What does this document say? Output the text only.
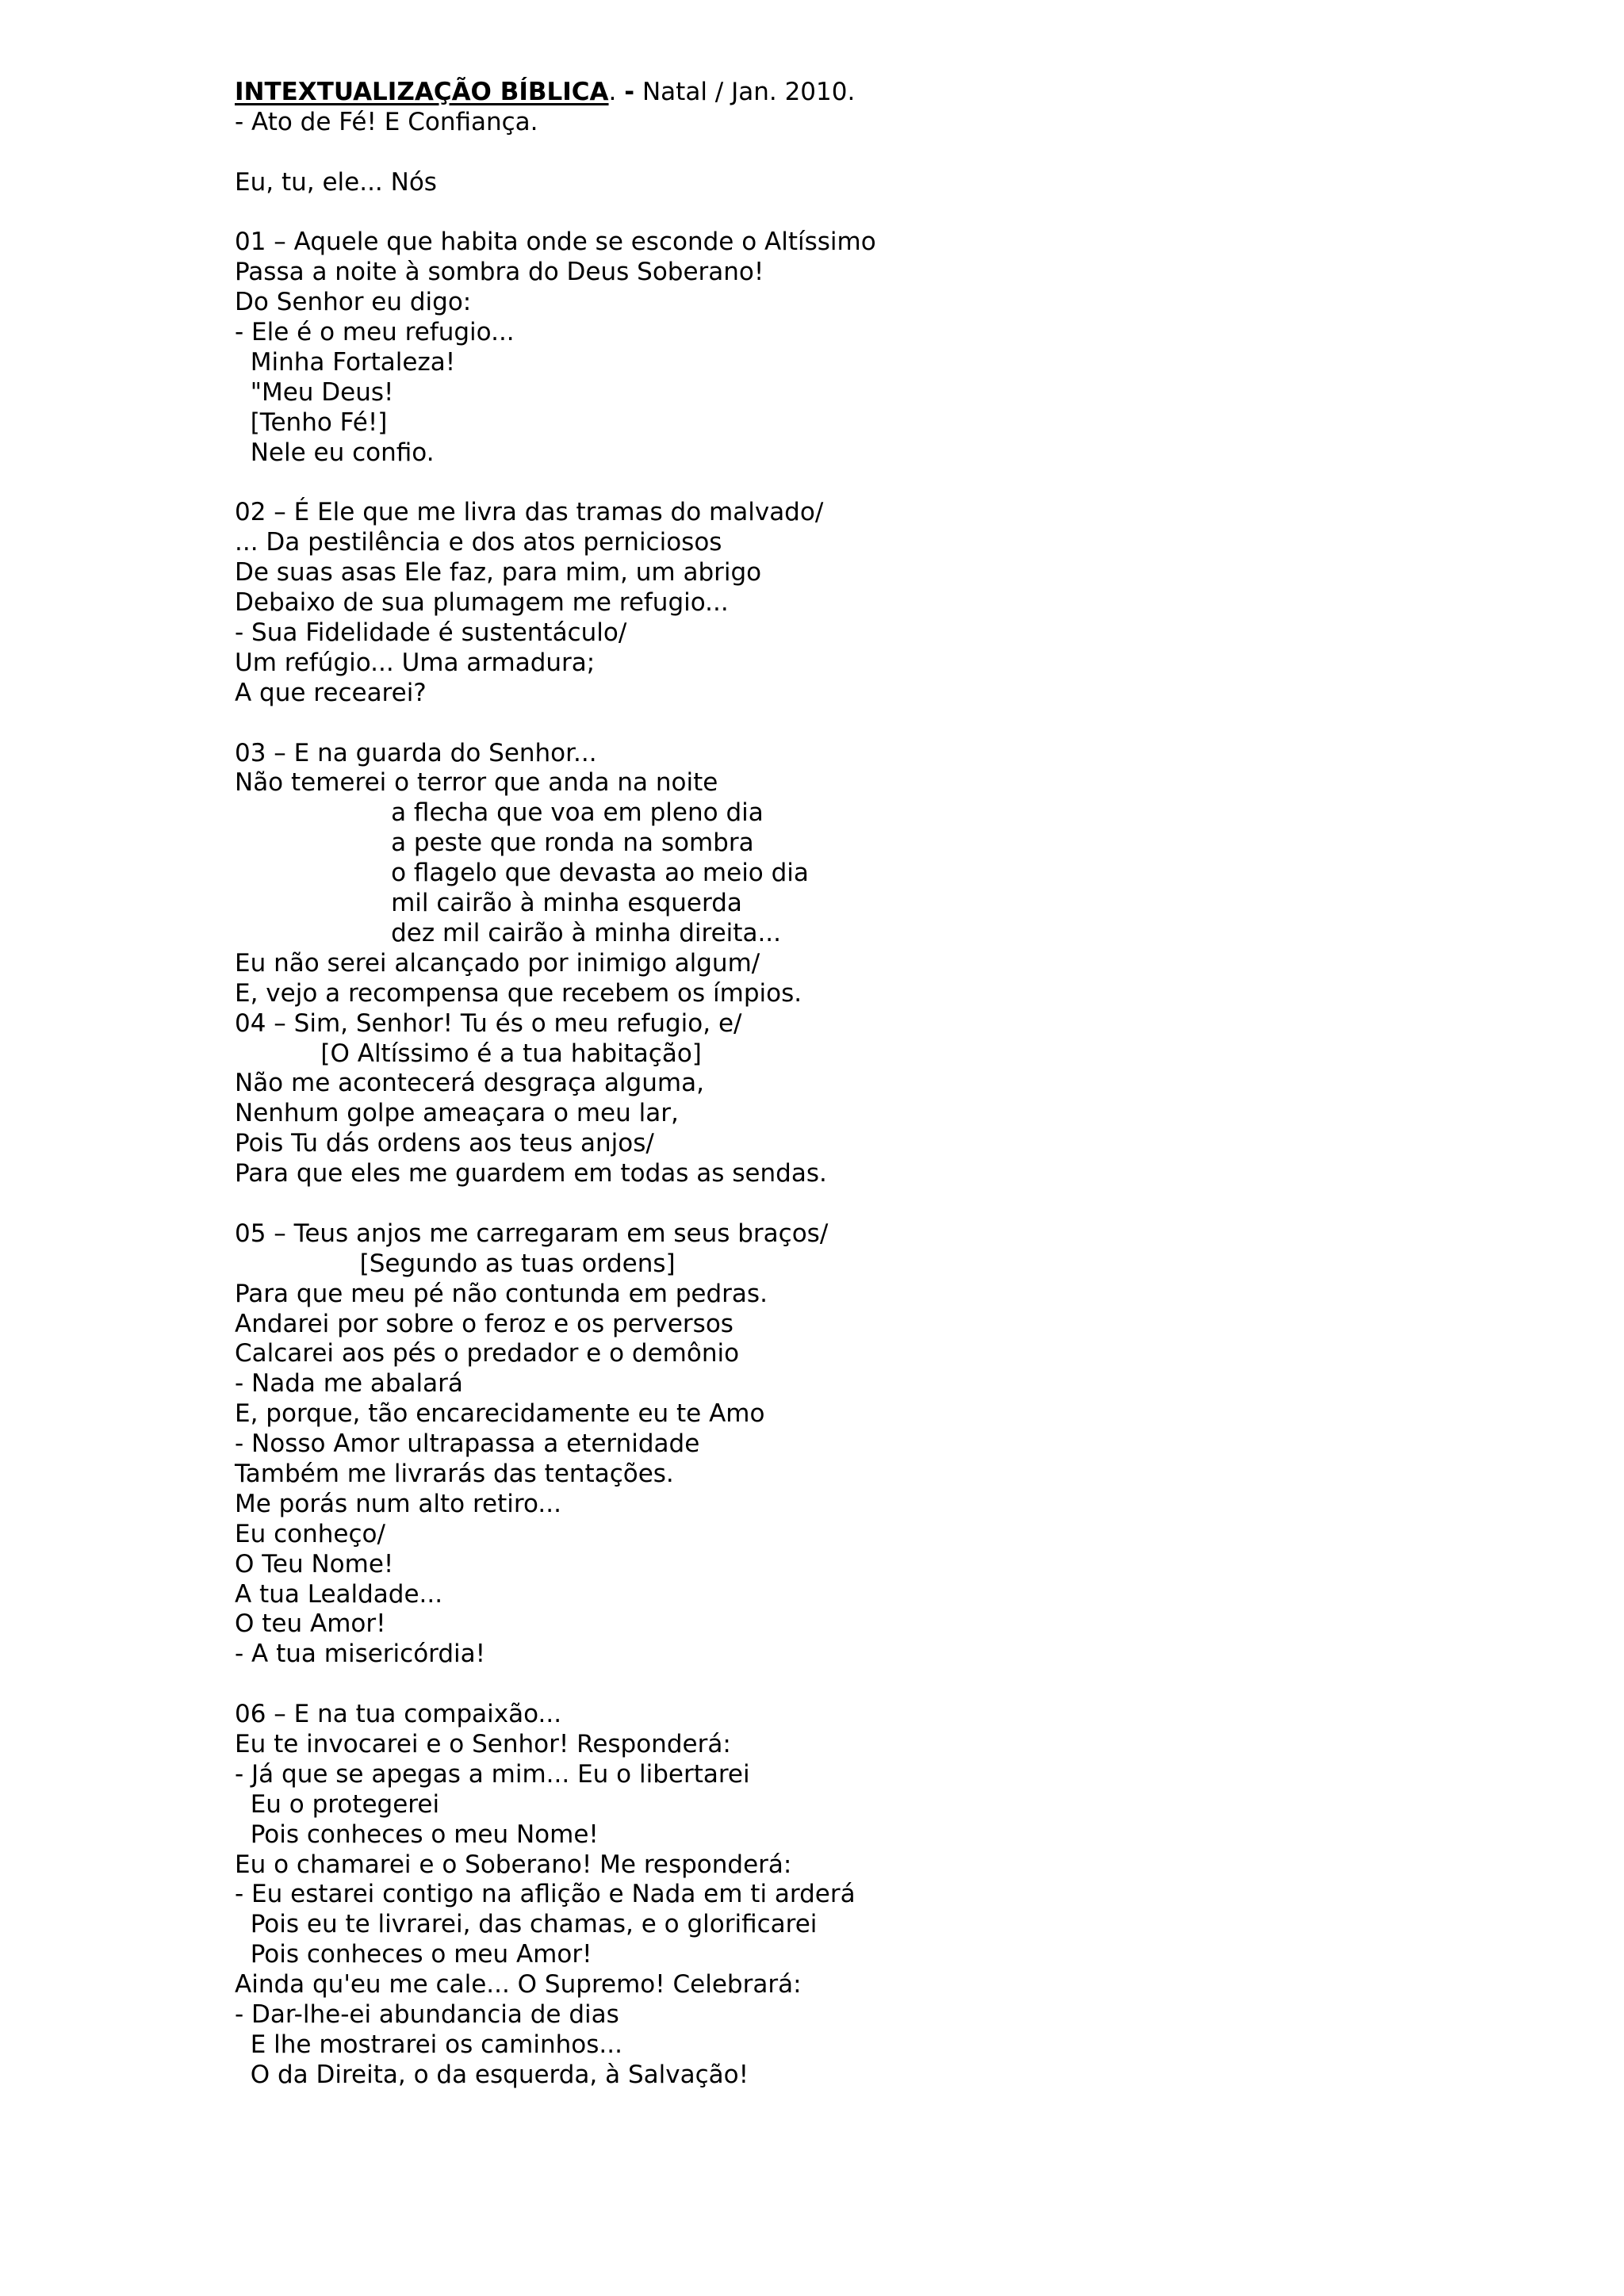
INTEXTUALIZAÇÃO BÍBLICA. - Natal / Jan. 2010.
- Ato de Fé! E Confiança.
Eu, tu, ele... Nós
01 – Aquele que habita onde se esconde o Altíssimo
Passa a noite à sombra do Deus Soberano!
Do Senhor eu digo:
- Ele é o meu refugio...
Minha Fortaleza!
"Meu Deus!
[Tenho Fé!]
Nele eu confio.
02 – É Ele que me livra das tramas do malvado/
... Da pestilência e dos atos perniciosos
De suas asas Ele faz, para mim, um abrigo
Debaixo de sua plumagem me refugio...
- Sua Fidelidade é sustentáculo/
Um refúgio... Uma armadura;
A que recearei?
03 – E na guarda do Senhor...
Não temerei o terror que anda na noite
a flecha que voa em pleno dia
a peste que ronda na sombra
o flagelo que devasta ao meio dia
mil cairão à minha esquerda
dez mil cairão à minha direita...
Eu não serei alcançado por inimigo algum/
E, vejo a recompensa que recebem os ímpios.
04 – Sim, Senhor! Tu és o meu refugio, e/
[O Altíssimo é a tua habitação]
Não me acontecerá desgraça alguma,
Nenhum golpe ameaçara o meu lar,
Pois Tu dás ordens aos teus anjos/
Para que eles me guardem em todas as sendas.
05 – Teus anjos me carregaram em seus braços/
[Segundo as tuas ordens]
Para que meu pé não contunda em pedras.
Andarei por sobre o feroz e os perversos
Calcarei aos pés o predador e o demônio
- Nada me abalará
E, porque, tão encarecidamente eu te Amo
- Nosso Amor ultrapassa a eternidade
Também me livrarás das tentações.
Me porás num alto retiro...
Eu conheço/
O Teu Nome!
A tua Lealdade...
O teu Amor!
- A tua misericórdia!
06 – E na tua compaixão...
Eu te invocarei e o Senhor! Responderá:
- Já que se apegas a mim... Eu o libertarei
Eu o protegerei
Pois conheces o meu Nome!
Eu o chamarei e o Soberano! Me responderá:
- Eu estarei contigo na aflição e Nada em ti arderá
Pois eu te livrarei, das chamas, e o glorificarei
Pois conheces o meu Amor!
Ainda qu'eu me cale... O Supremo! Celebrará:
- Dar-lhe-ei abundancia de dias
E lhe mostrarei os caminhos...
O da Direita, o da esquerda, à Salvação!
